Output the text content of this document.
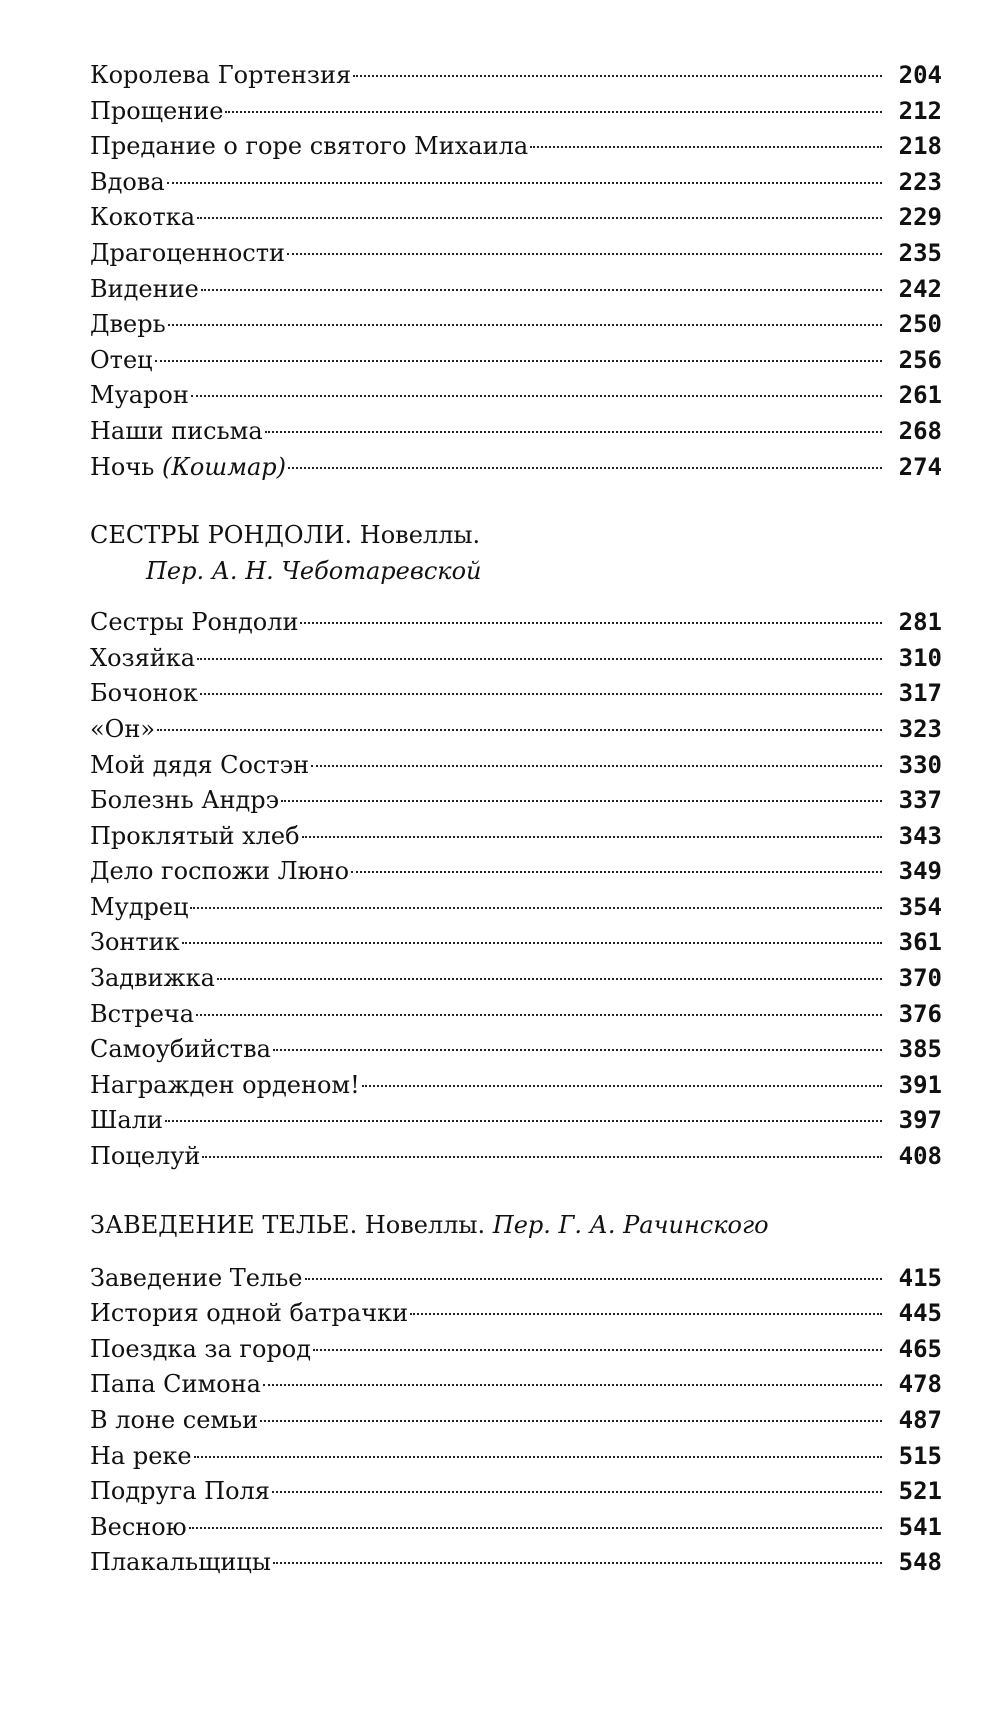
Королева Гортензия	204
Прощение	212
Предание о горе святого Михаила	218
Вдова	223
Кокотка	229
Драгоценности	235
Видение	242
Дверь	250
Отец	256
Муарон	261
Наши письма	268
Ночь (Кошмар)	274
СЕСТРЫ РОНДОЛИ. Новеллы.
Пер. А. Н. Чеботаревской
Сестры Рондоли	281
Хозяйка	310
Бочонок	317
«Он»	323
Мой дядя Состэн	330
Болезнь Андрэ	337
Проклятый хлеб	343
Дело госпожи Люно	349
Мудрец	354
Зонтик	361
Задвижка	370
Встреча	376
Самоубийства	385
Награжден орденом!	391
Шали	397
Поцелуй	408
ЗАВЕДЕНИЕ ТЕЛЬЕ. Новеллы. Пер. Г. А. Рачинского
Заведение Телье	415
История одной батрачки	445
Поездка за город	465
Папа Симона	478
В лоне семьи	487
На реке	515
Подруга Поля	521
Весною	541
Плакальщицы	548
